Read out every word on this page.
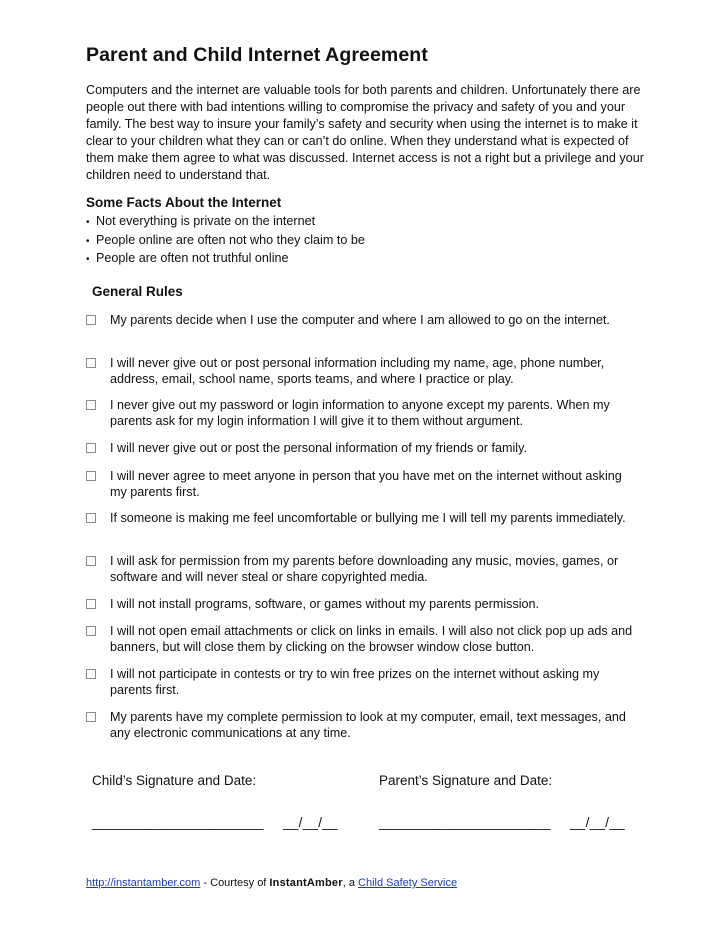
Parent and Child Internet Agreement

Computers and the internet are valuable tools for both parents and children. Unfortunately there are people out there with bad intentions willing to compromise the privacy and safety of you and your family. The best way to insure your family’s safety and security when using the internet is to make it clear to your children what they can or can’t do online. When they understand what is expected of them make them agree to what was discussed. Internet access is not a right but a privilege and your children need to understand that.

Some Facts About the Internet
• Not everything is private on the internet
• People online are often not who they claim to be
• People are often not truthful online
General Rules
My parents decide when I use the computer and where I am allowed to go on the internet.
I will never give out or post personal information including my name, age, phone number, address, email, school name, sports teams, and where I practice or play.
I never give out my password or login information to anyone except my parents. When my parents ask for my login information I will give it to them without argument.
I will never give out or post the personal information of my friends or family.
I will never agree to meet anyone in person that you have met on the internet without asking my parents first.
If someone is making me feel uncomfortable or bullying me I will tell my parents immediately.
I will ask for permission from my parents before downloading any music, movies, games, or software and will never steal or share copyrighted media.
I will not install programs, software, or games without my parents permission.
I will not open email attachments or click on links in emails. I will also not click pop up ads and banners, but will close them by clicking on the browser window close button.
I will not participate in contests or try to win free prizes on the internet without asking my parents first.
My parents have my complete permission to look at my computer, email, text messages, and any electronic communications at any time.
Child’s Signature and Date:	Parent’s Signature and Date:
______________________ __/__/__	______________________ __/__/__
http://instantamber.com - Courtesy of InstantAmber, a Child Safety Service
